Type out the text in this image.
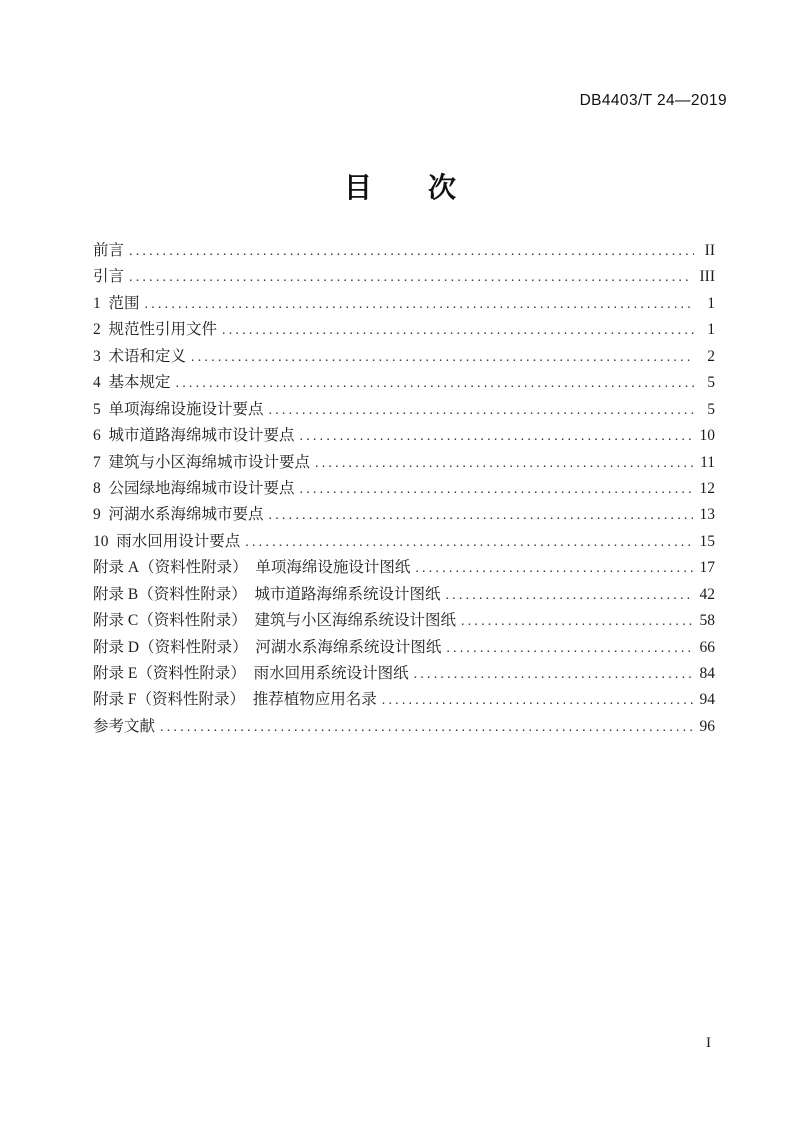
DB4403/T 24—2019
目　　次
前言 .....	II
引言 .....	III
1  范围 .....	1
2  规范性引用文件 .....	1
3  术语和定义 .....	2
4  基本规定 .....	5
5  单项海绵设施设计要点 .....	5
6  城市道路海绵城市设计要点 .....	10
7  建筑与小区海绵城市设计要点 .....	11
8  公园绿地海绵城市设计要点 .....	12
9  河湖水系海绵城市要点 .....	13
10  雨水回用设计要点 .....	15
附录 A（资料性附录）　单项海绵设施设计图纸 .....	17
附录 B（资料性附录）　城市道路海绵系统设计图纸 .....	42
附录 C（资料性附录）　建筑与小区海绵系统设计图纸 .....	58
附录 D（资料性附录）　河湖水系海绵系统设计图纸 .....	66
附录 E（资料性附录）　雨水回用系统设计图纸 .....	84
附录 F（资料性附录）　推荐植物应用名录 .....	94
参考文献 .....	96
I
